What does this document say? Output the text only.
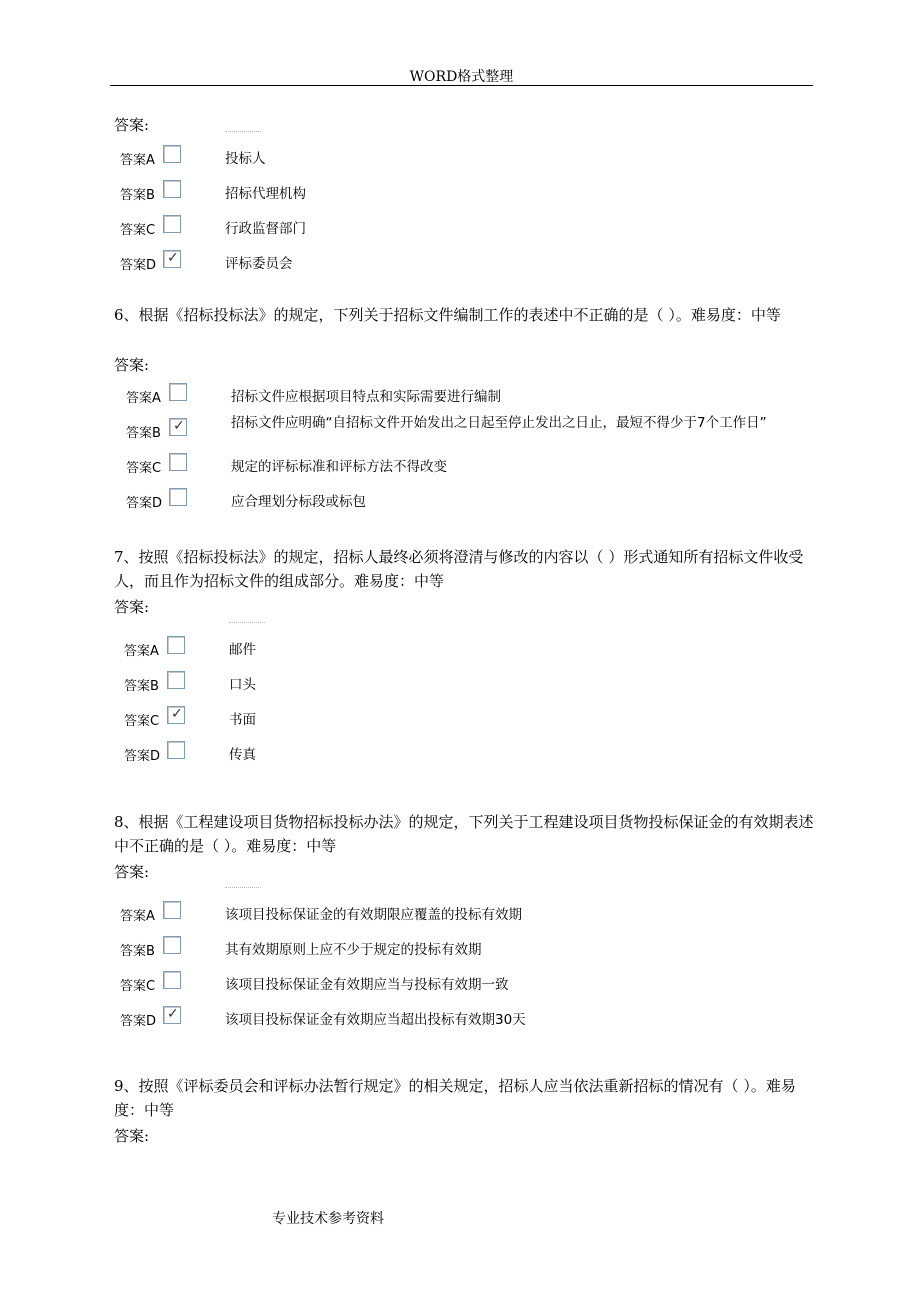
WORD格式整理
答案:
答案A	投标人
答案B	招标代理机构
答案C	行政监督部门
答案D ✓	评标委员会
6、根据《招标投标法》的规定，下列关于招标文件编制工作的表述中不正确的是（ ）。难易度：中等
答案:
答案A	招标文件应根据项目特点和实际需要进行编制
答案B ✓	招标文件应明确“自招标文件开始发出之日起至停止发出之日止，最短不得少于7个工作日”
答案C	规定的评标标准和评标方法不得改变
答案D	应合理划分标段或标包
7、按照《招标投标法》的规定，招标人最终必须将澄清与修改的内容以（ ）形式通知所有招标文件收受人，而且作为招标文件的组成部分。难易度：中等
答案:
答案A	邮件
答案B	口头
答案C ✓	书面
答案D	传真
8、根据《工程建设项目货物招标投标办法》的规定，下列关于工程建设项目货物投标保证金的有效期表述中不正确的是（ ）。难易度：中等
答案:
答案A	该项目投标保证金的有效期限应覆盖的投标有效期
答案B	其有效期原则上应不少于规定的投标有效期
答案C	该项目投标保证金有效期应当与投标有效期一致
答案D ✓	该项目投标保证金有效期应当超出投标有效期30天
9、按照《评标委员会和评标办法暂行规定》的相关规定，招标人应当依法重新招标的情况有（ ）。难易度：中等
答案:
专业技术参考资料
